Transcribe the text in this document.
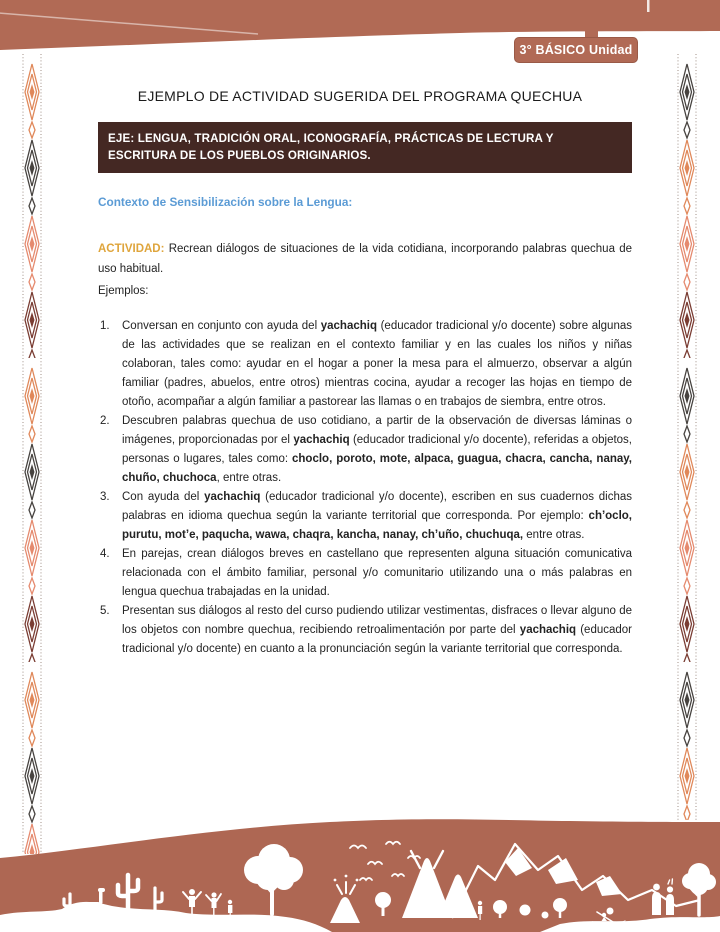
3° BÁSICO Unidad 2
EJEMPLO DE ACTIVIDAD SUGERIDA DEL PROGRAMA QUECHUA
EJE: LENGUA, TRADICIÓN ORAL, ICONOGRAFÍA, PRÁCTICAS DE LECTURA Y ESCRITURA DE LOS PUEBLOS ORIGINARIOS.
Contexto de Sensibilización sobre la Lengua:

ACTIVIDAD: Recrean diálogos de situaciones de la vida cotidiana, incorporando palabras quechua de uso habitual.

Ejemplos:
1. Conversan en conjunto con ayuda del yachachiq (educador tradicional y/o docente) sobre algunas de las actividades que se realizan en el contexto familiar y en las cuales los niños y niñas colaboran, tales como: ayudar en el hogar a poner la mesa para el almuerzo, observar a algún familiar (padres, abuelos, entre otros) mientras cocina, ayudar a recoger las hojas en tiempo de otoño, acompañar a algún familiar a pastorear las llamas o en trabajos de siembra, entre otros.
2. Descubren palabras quechua de uso cotidiano, a partir de la observación de diversas láminas o imágenes, proporcionadas por el yachachiq (educador tradicional y/o docente), referidas a objetos, personas o lugares, tales como: choclo, poroto, mote, alpaca, guagua, chacra, cancha, nanay, chuño, chuchoca, entre otras.
3. Con ayuda del yachachiq (educador tradicional y/o docente), escriben en sus cuadernos dichas palabras en idioma quechua según la variante territorial que corresponda. Por ejemplo: ch’oclo, purutu, mot’e, paqucha, wawa, chaqra, kancha, nanay, ch’uño, chuchuqa, entre otras.
4. En parejas, crean diálogos breves en castellano que representen alguna situación comunicativa relacionada con el ámbito familiar, personal y/o comunitario utilizando una o más palabras en lengua quechua trabajadas en la unidad.
5. Presentan sus diálogos al resto del curso pudiendo utilizar vestimentas, disfraces o llevar alguno de los objetos con nombre quechua, recibiendo retroalimentación por parte del yachachiq (educador tradicional y/o docente) en cuanto a la pronunciación según la variante territorial que corresponda.
